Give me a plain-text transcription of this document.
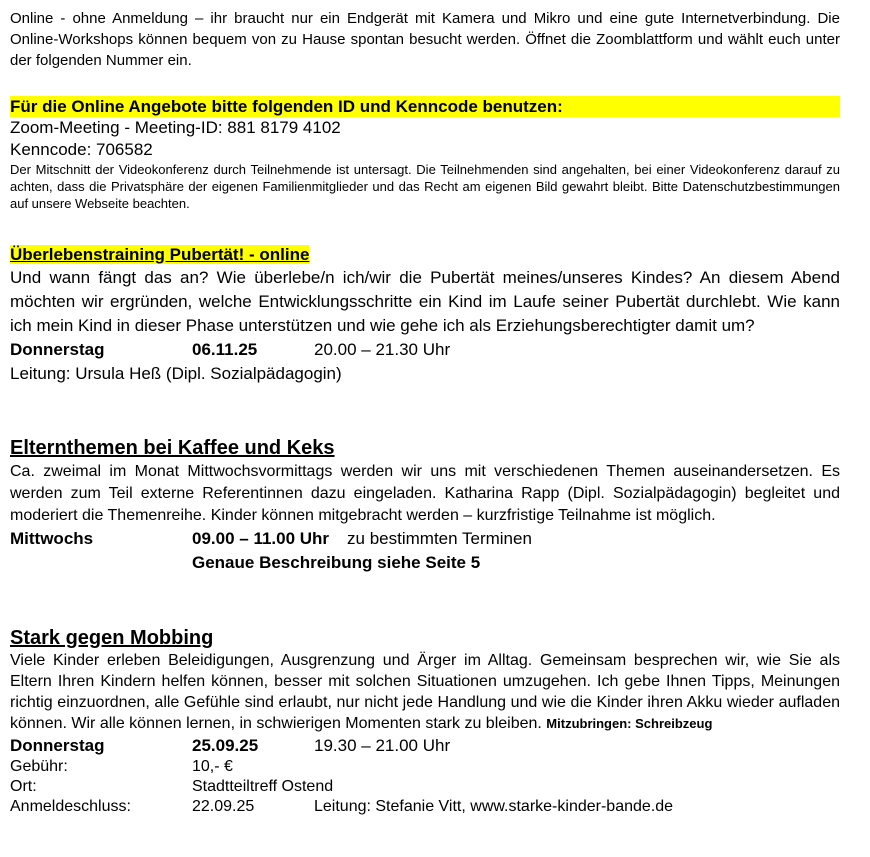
Online - ohne Anmeldung – ihr braucht nur ein Endgerät mit Kamera und Mikro und eine gute Internetverbindung. Die Online-Workshops können bequem von zu Hause spontan besucht werden. Öffnet die Zoomblattform und wählt euch unter der folgenden Nummer ein.

Für die Online Angebote bitte folgenden ID und Kenncode benutzen:

Zoom-Meeting - Meeting-ID: 881 8179 4102

Kenncode: 706582

Der Mitschnitt der Videokonferenz durch Teilnehmende ist untersagt. Die Teilnehmenden sind angehalten, bei einer Videokonferenz darauf zu achten, dass die Privatsphäre der eigenen Familienmitglieder und das Recht am eigenen Bild gewahrt bleibt. Bitte Datenschutzbestimmungen auf unsere Webseite beachten.

Überlebenstraining Pubertät! - online

Und wann fängt das an? Wie überlebe/n ich/wir die Pubertät meines/unseres Kindes? An diesem Abend möchten wir ergründen, welche Entwicklungsschritte ein Kind im Laufe seiner Pubertät durchlebt. Wie kann ich mein Kind in dieser Phase unterstützen und wie gehe ich als Erziehungsberechtigter damit um?

Donnerstag	06.11.25	20.00 – 21.30 Uhr

Leitung: Ursula Heß (Dipl. Sozialpädagogin)

Elternthemen bei Kaffee und Keks

Ca. zweimal im Monat Mittwochsvormittags werden wir uns mit verschiedenen Themen auseinandersetzen. Es werden zum Teil externe Referentinnen dazu eingeladen. Katharina Rapp (Dipl. Sozialpädagogin) begleitet und moderiert die Themenreihe. Kinder können mitgebracht werden – kurzfristige Teilnahme ist möglich.

Mittwochs	09.00 – 11.00 Uhr zu bestimmten Terminen
Genaue Beschreibung siehe Seite 5

Stark gegen Mobbing

Viele Kinder erleben Beleidigungen, Ausgrenzung und Ärger im Alltag. Gemeinsam besprechen wir, wie Sie als Eltern Ihren Kindern helfen können, besser mit solchen Situationen umzugehen. Ich gebe Ihnen Tipps, Meinungen richtig einzuordnen, alle Gefühle sind erlaubt, nur nicht jede Handlung und wie die Kinder ihren Akku wieder aufladen können. Wir alle können lernen, in schwierigen Momenten stark zu bleiben. Mitzubringen: Schreibzeug

Donnerstag	25.09.25	19.30 – 21.00 Uhr
Gebühr:	10,- €
Ort:	Stadtteiltreff Ostend
Anmeldeschluss:	22.09.25	Leitung: Stefanie Vitt, www.starke-kinder-bande.de
